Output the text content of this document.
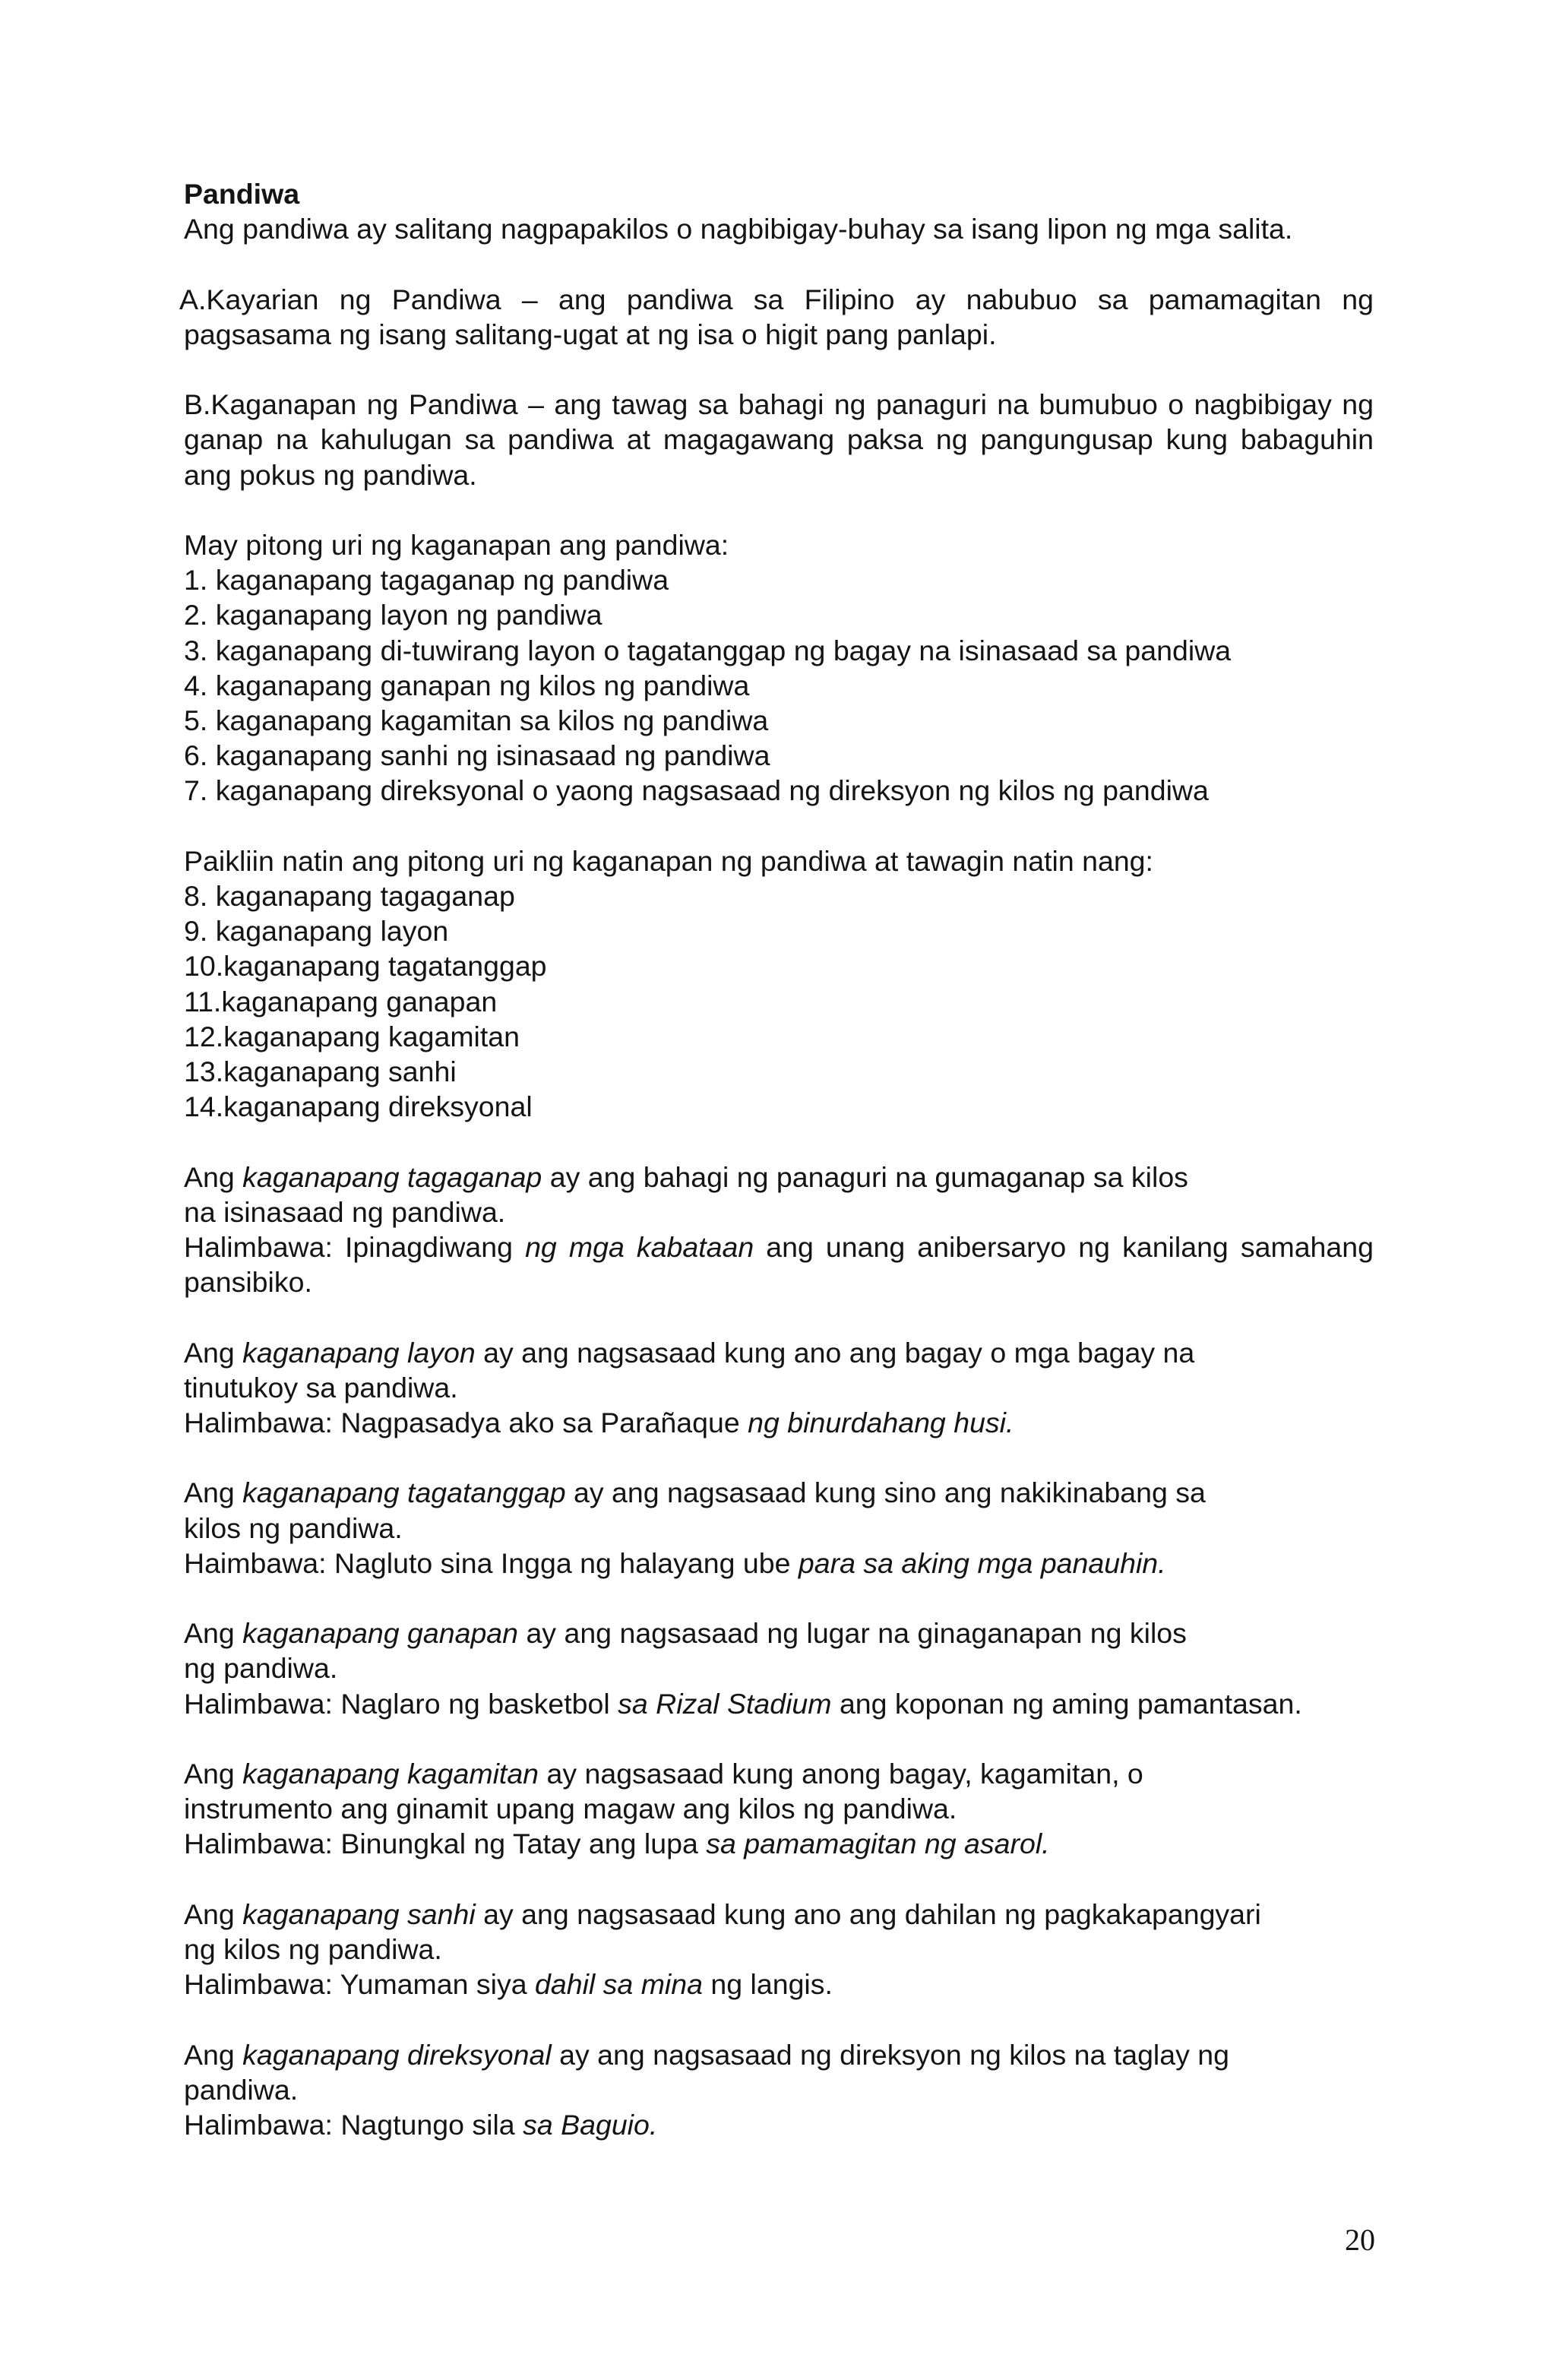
Pandiwa
Ang pandiwa ay salitang nagpapakilos o nagbibigay-buhay sa isang lipon ng mga salita.
A.Kayarian ng Pandiwa – ang pandiwa sa Filipino ay nabubuo sa pamamagitan ng pagsasama ng isang salitang-ugat at ng isa o higit pang panlapi.
B.Kaganapan ng Pandiwa – ang tawag sa bahagi ng panaguri na bumubuo o nagbibigay ng ganap na kahulugan sa pandiwa at magagawang paksa ng pangungusap kung babaguhin ang pokus ng pandiwa.
May pitong uri ng kaganapan ang pandiwa:
1. kaganapang tagaganap ng pandiwa
2. kaganapang layon ng pandiwa
3. kaganapang di-tuwirang layon o tagatanggap ng bagay na isinasaad sa pandiwa
4. kaganapang ganapan ng kilos ng pandiwa
5. kaganapang kagamitan sa kilos ng pandiwa
6. kaganapang sanhi ng isinasaad ng pandiwa
7. kaganapang direksyonal o yaong nagsasaad ng direksyon ng kilos ng pandiwa
Paikliin natin ang pitong uri ng kaganapan ng pandiwa at tawagin natin nang:
8. kaganapang tagaganap
9. kaganapang layon
10.kaganapang tagatanggap
11.kaganapang ganapan
12.kaganapang kagamitan
13.kaganapang sanhi
14.kaganapang direksyonal
Ang kaganapang tagaganap ay ang bahagi ng panaguri na gumaganap sa kilos
na isinasaad ng pandiwa.
Halimbawa: Ipinagdiwang ng mga kabataan ang unang anibersaryo ng kanilang samahang pansibiko.
Ang kaganapang layon ay ang nagsasaad kung ano ang bagay o mga bagay na
tinutukoy sa pandiwa.
Halimbawa: Nagpasadya ako sa Parañaque ng binurdahang husi.
Ang kaganapang tagatanggap ay ang nagsasaad kung sino ang nakikinabang sa
kilos ng pandiwa.
Haimbawa: Nagluto sina Ingga ng halayang ube para sa aking mga panauhin.
Ang kaganapang ganapan ay ang nagsasaad ng lugar na ginaganapan ng kilos
ng pandiwa.
Halimbawa: Naglaro ng basketbol sa Rizal Stadium ang koponan ng aming pamantasan.
Ang kaganapang kagamitan ay nagsasaad kung anong bagay, kagamitan, o
instrumento ang ginamit upang magaw ang kilos ng pandiwa.
Halimbawa: Binungkal ng Tatay ang lupa sa pamamagitan ng asarol.
Ang kaganapang sanhi ay ang nagsasaad kung ano ang dahilan ng pagkakapangyari
ng kilos ng pandiwa.
Halimbawa: Yumaman siya dahil sa mina ng langis.
Ang kaganapang direksyonal ay ang nagsasaad ng direksyon ng kilos na taglay ng
pandiwa.
Halimbawa: Nagtungo sila sa Baguio.
20
